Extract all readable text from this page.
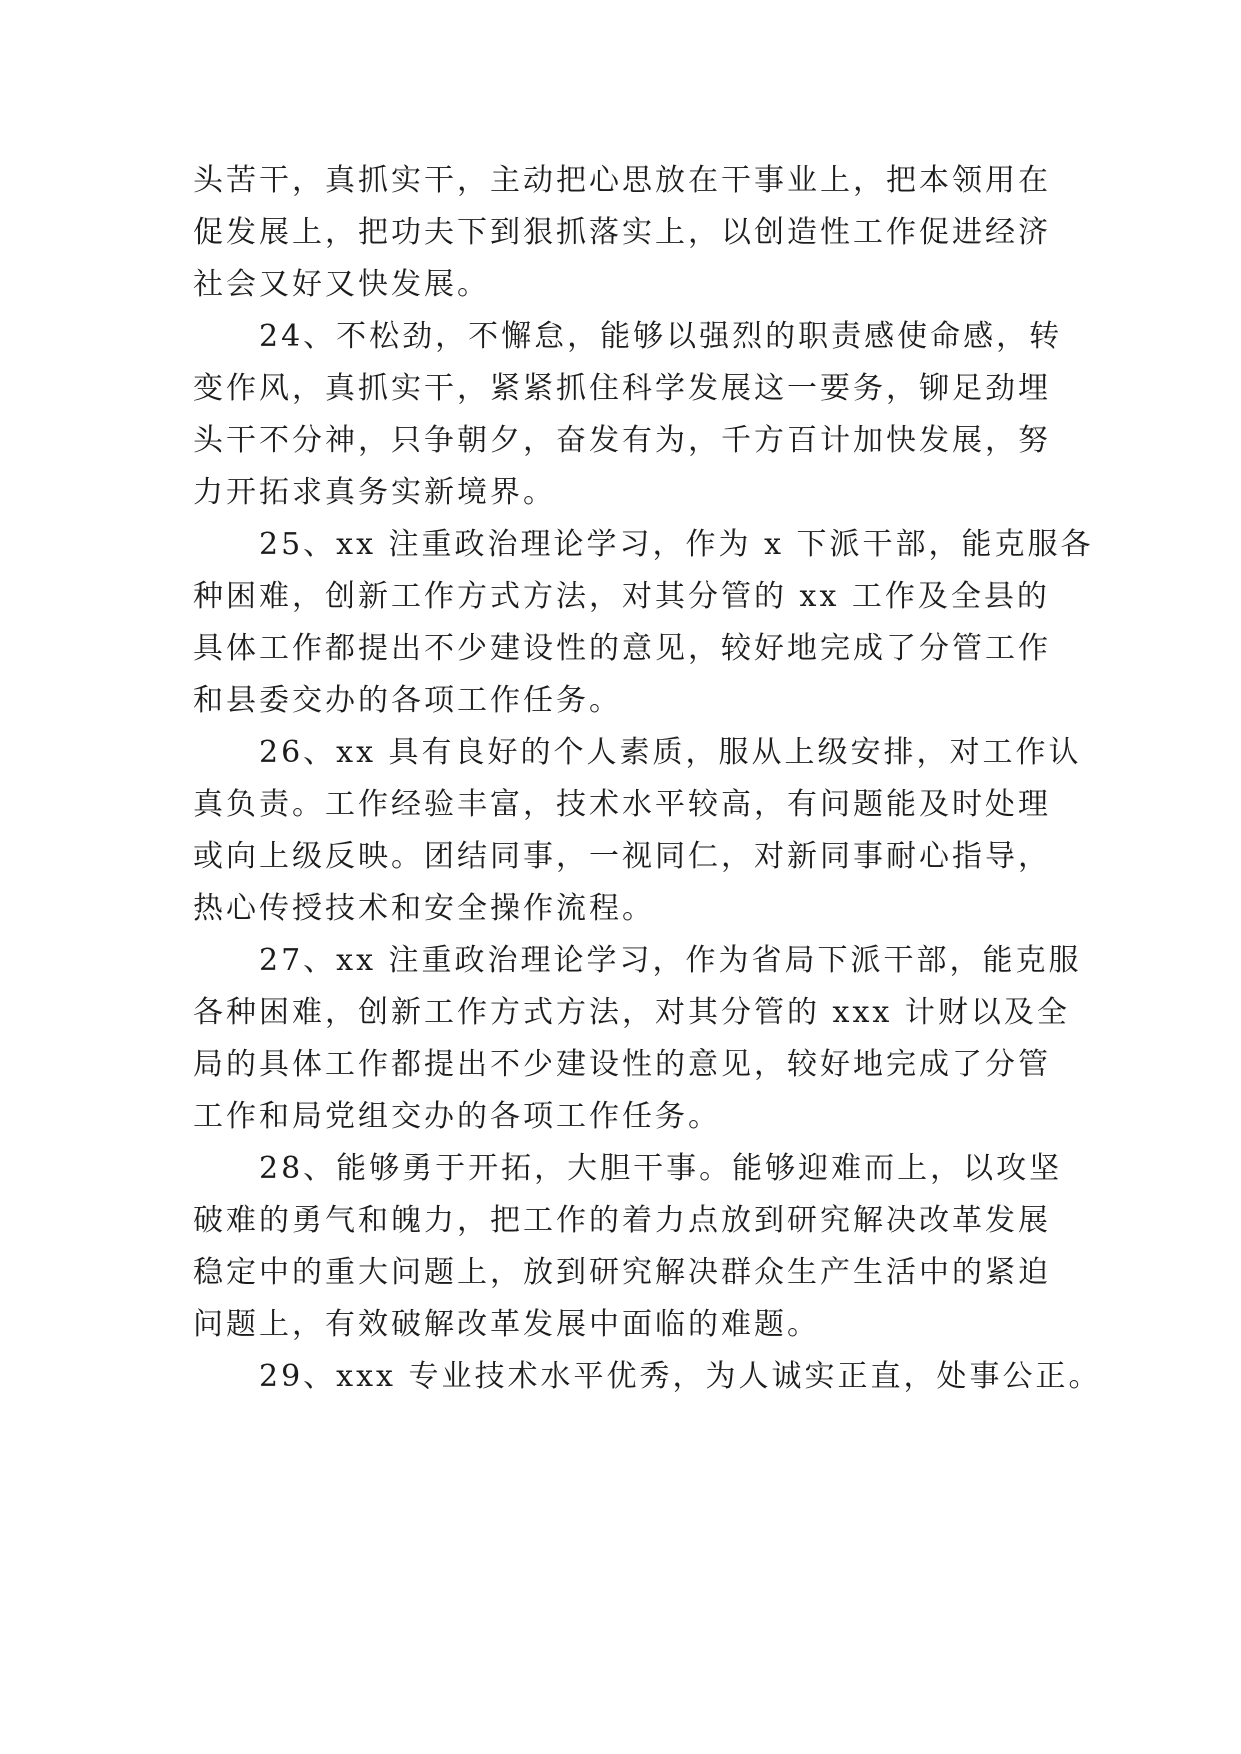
头苦干，真抓实干，主动把心思放在干事业上，把本领用在
促发展上，把功夫下到狠抓落实上，以创造性工作促进经济
社会又好又快发展。
　　24、不松劲，不懈怠，能够以强烈的职责感使命感，转
变作风，真抓实干，紧紧抓住科学发展这一要务，铆足劲埋
头干不分神，只争朝夕，奋发有为，千方百计加快发展，努
力开拓求真务实新境界。
　　25、xx 注重政治理论学习，作为 x 下派干部，能克服各
种困难，创新工作方式方法，对其分管的 xx 工作及全县的
具体工作都提出不少建设性的意见，较好地完成了分管工作
和县委交办的各项工作任务。
　　26、xx 具有良好的个人素质，服从上级安排，对工作认
真负责。工作经验丰富，技术水平较高，有问题能及时处理
或向上级反映。团结同事，一视同仁，对新同事耐心指导，
热心传授技术和安全操作流程。
　　27、xx 注重政治理论学习，作为省局下派干部，能克服
各种困难，创新工作方式方法，对其分管的 xxx 计财以及全
局的具体工作都提出不少建设性的意见，较好地完成了分管
工作和局党组交办的各项工作任务。
　　28、能够勇于开拓，大胆干事。能够迎难而上，以攻坚
破难的勇气和魄力，把工作的着力点放到研究解决改革发展
稳定中的重大问题上，放到研究解决群众生产生活中的紧迫
问题上，有效破解改革发展中面临的难题。
　　29、xxx 专业技术水平优秀，为人诚实正直，处事公正。
